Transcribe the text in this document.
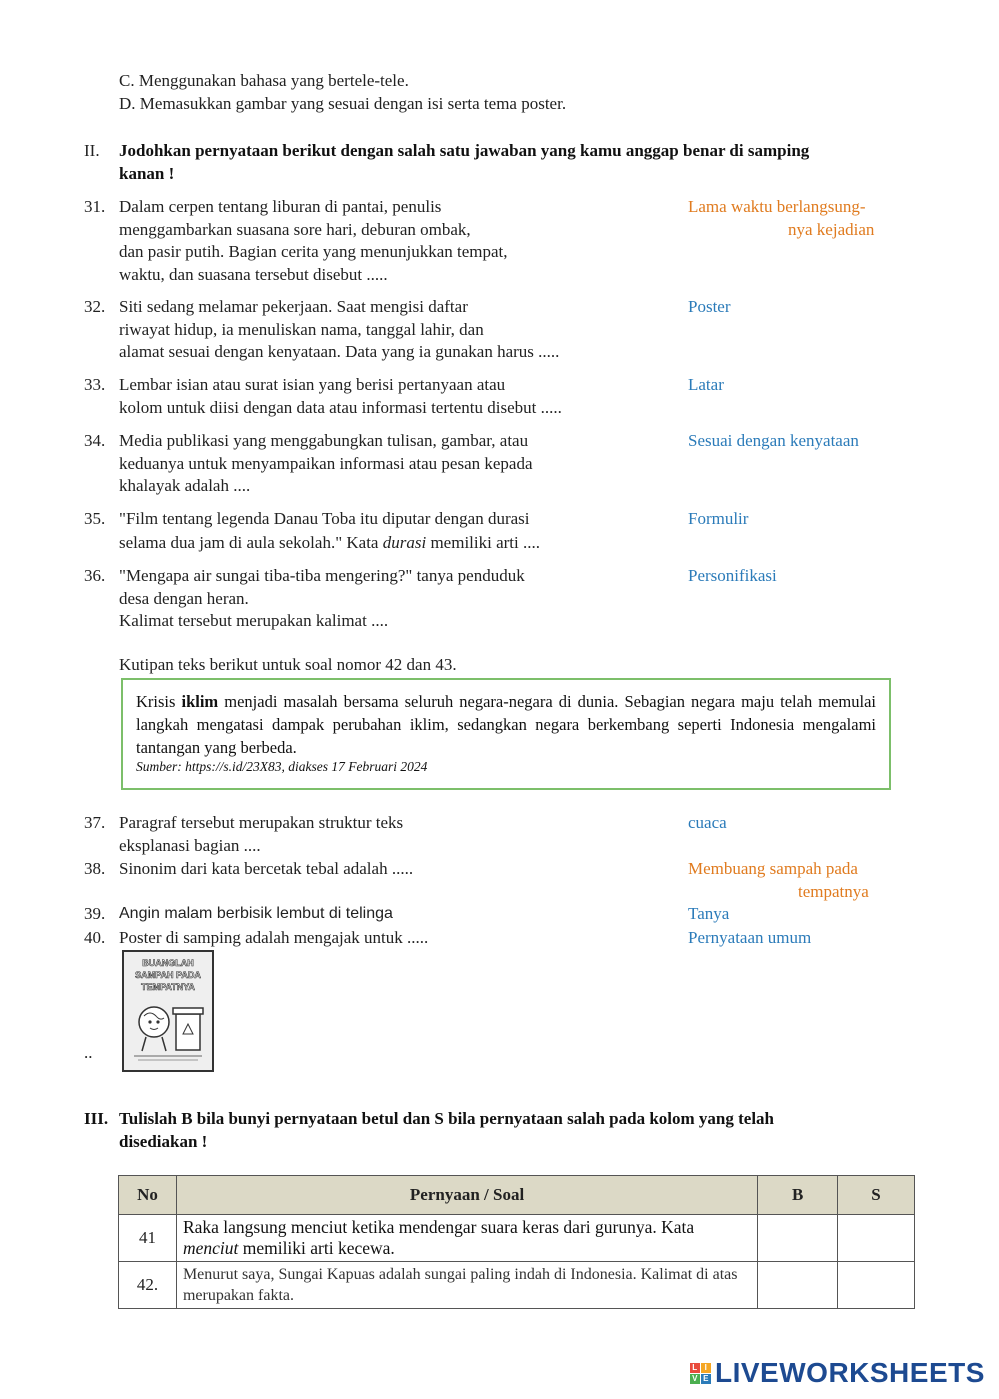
C. Menggunakan bahasa yang bertele-tele.
D. Memasukkan gambar yang sesuai dengan isi serta tema poster.
II. Jodohkan pernyataan berikut dengan salah satu jawaban yang kamu anggap benar di samping
kanan !
31. Dalam cerpen tentang liburan di pantai, penulis
menggambarkan suasana sore hari, deburan ombak,
dan pasir putih. Bagian cerita yang menunjukkan tempat,
waktu, dan suasana tersebut disebut .....
Lama waktu berlangsung-
nya kejadian
32. Siti sedang melamar pekerjaan. Saat mengisi daftar
riwayat hidup, ia menuliskan nama, tanggal lahir, dan
alamat sesuai dengan kenyataan. Data yang ia gunakan harus .....
Poster
33. Lembar isian atau surat isian yang berisi pertanyaan atau
kolom untuk diisi dengan data atau informasi tertentu disebut .....
Latar
34. Media publikasi yang menggabungkan tulisan, gambar, atau
keduanya untuk menyampaikan informasi atau pesan kepada
khalayak adalah ....
Sesuai dengan kenyataan
35. "Film tentang legenda Danau Toba itu diputar dengan durasi
selama dua jam di aula sekolah." Kata durasi memiliki arti ....
Formulir
36. "Mengapa air sungai tiba-tiba mengering?" tanya penduduk
desa dengan heran.
Kalimat tersebut merupakan kalimat ....
Personifikasi
Kutipan teks berikut untuk soal nomor 42 dan 43.
Krisis iklim menjadi masalah bersama seluruh negara-negara di dunia. Sebagian negara maju telah memulai langkah mengatasi dampak perubahan iklim, sedangkan negara berkembang seperti Indonesia mengalami tantangan yang berbeda.
Sumber: https://s.id/23X83, diakses 17 Februari 2024
37. Paragraf tersebut merupakan struktur teks
eksplanasi bagian ....
cuaca
38. Sinonim dari kata bercetak tebal adalah .....	Membuang sampah pada
tempatnya
39. Angin malam berbisik lembut di telinga	Tanya
40. Poster di samping adalah mengajak untuk .....	Pernyataan umum
BUANGLAH
SAMPAH PADA
TEMPATNYA
..
III. Tulislah B bila bunyi pernyataan betul dan S bila pernyataan salah pada kolom yang telah
disediakan !
No	Pernyaan / Soal	B	S
41	Raka langsung menciut ketika mendengar suara keras dari gurunya. Kata menciut memiliki arti kecewa.		
42.	Menurut saya, Sungai Kapuas adalah sungai paling indah di Indonesia. Kalimat di atas merupakan fakta.		
L I
V E LIVEWORKSHEETS
